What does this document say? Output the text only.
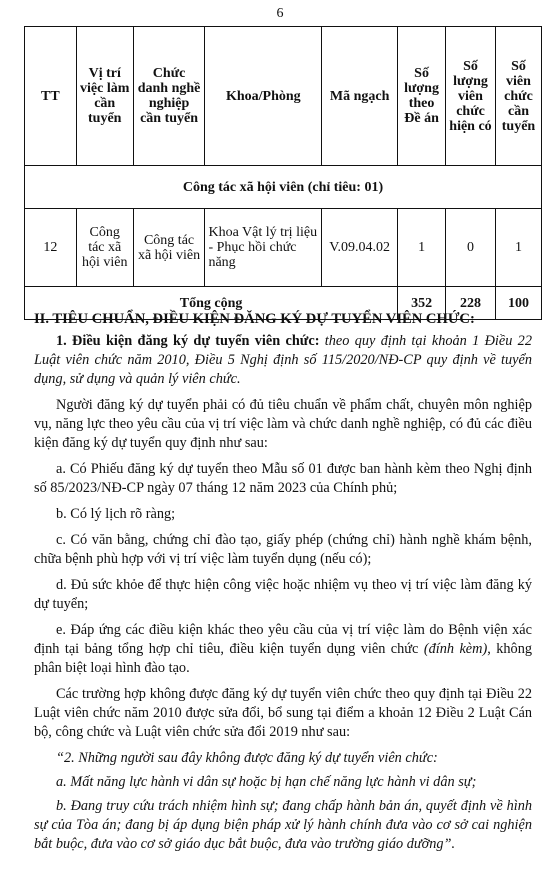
6
TT	Vị trí việc làm cần tuyển	Chức danh nghề nghiệp cần tuyển	Khoa/Phòng	Mã ngạch	Số lượng theo Đề án	Số lượng viên chức hiện có	Số viên chức cần tuyển
Công tác xã hội viên (chỉ tiêu: 01)							
12	Công tác xã hội viên	Công tác xã hội viên	Khoa Vật lý trị liệu - Phục hồi chức năng	V.09.04.02	1	0	1
Tổng cộng					352	228	100

II. TIÊU CHUẨN, ĐIỀU KIỆN ĐĂNG KÝ DỰ TUYỂN VIÊN CHỨC:

1. Điều kiện đăng ký dự tuyển viên chức: theo quy định tại khoản 1 Điều 22 Luật viên chức năm 2010, Điều 5 Nghị định số 115/2020/NĐ-CP quy định về tuyển dụng, sử dụng và quản lý viên chức.

Người đăng ký dự tuyển phải có đủ tiêu chuẩn về phẩm chất, chuyên môn nghiệp vụ, năng lực theo yêu cầu của vị trí việc làm và chức danh nghề nghiệp, có đủ các điều kiện đăng ký dự tuyển quy định như sau:

a. Có Phiếu đăng ký dự tuyển theo Mẫu số 01 được ban hành kèm theo Nghị định số 85/2023/NĐ-CP ngày 07 tháng 12 năm 2023 của Chính phủ;

b. Có lý lịch rõ ràng;

c. Có văn bằng, chứng chỉ đào tạo, giấy phép (chứng chỉ) hành nghề khám bệnh, chữa bệnh phù hợp với vị trí việc làm tuyển dụng (nếu có);

d. Đủ sức khỏe để thực hiện công việc hoặc nhiệm vụ theo vị trí việc làm đăng ký dự tuyển;

e. Đáp ứng các điều kiện khác theo yêu cầu của vị trí việc làm do Bệnh viện xác định tại bảng tổng hợp chỉ tiêu, điều kiện tuyển dụng viên chức (đính kèm), không phân biệt loại hình đào tạo.

Các trường hợp không được đăng ký dự tuyển viên chức theo quy định tại Điều 22 Luật viên chức năm 2010 được sửa đổi, bổ sung tại điểm a khoản 12 Điều 2 Luật Cán bộ, công chức và Luật viên chức sửa đổi 2019 như sau:

“2. Những người sau đây không được đăng ký dự tuyển viên chức:

a. Mất năng lực hành vi dân sự hoặc bị hạn chế năng lực hành vi dân sự;

b. Đang truy cứu trách nhiệm hình sự; đang chấp hành bản án, quyết định về hình sự của Tòa án; đang bị áp dụng biện pháp xử lý hành chính đưa vào cơ sở cai nghiện bắt buộc, đưa vào cơ sở giáo dục bắt buộc, đưa vào trường giáo dưỡng”.
